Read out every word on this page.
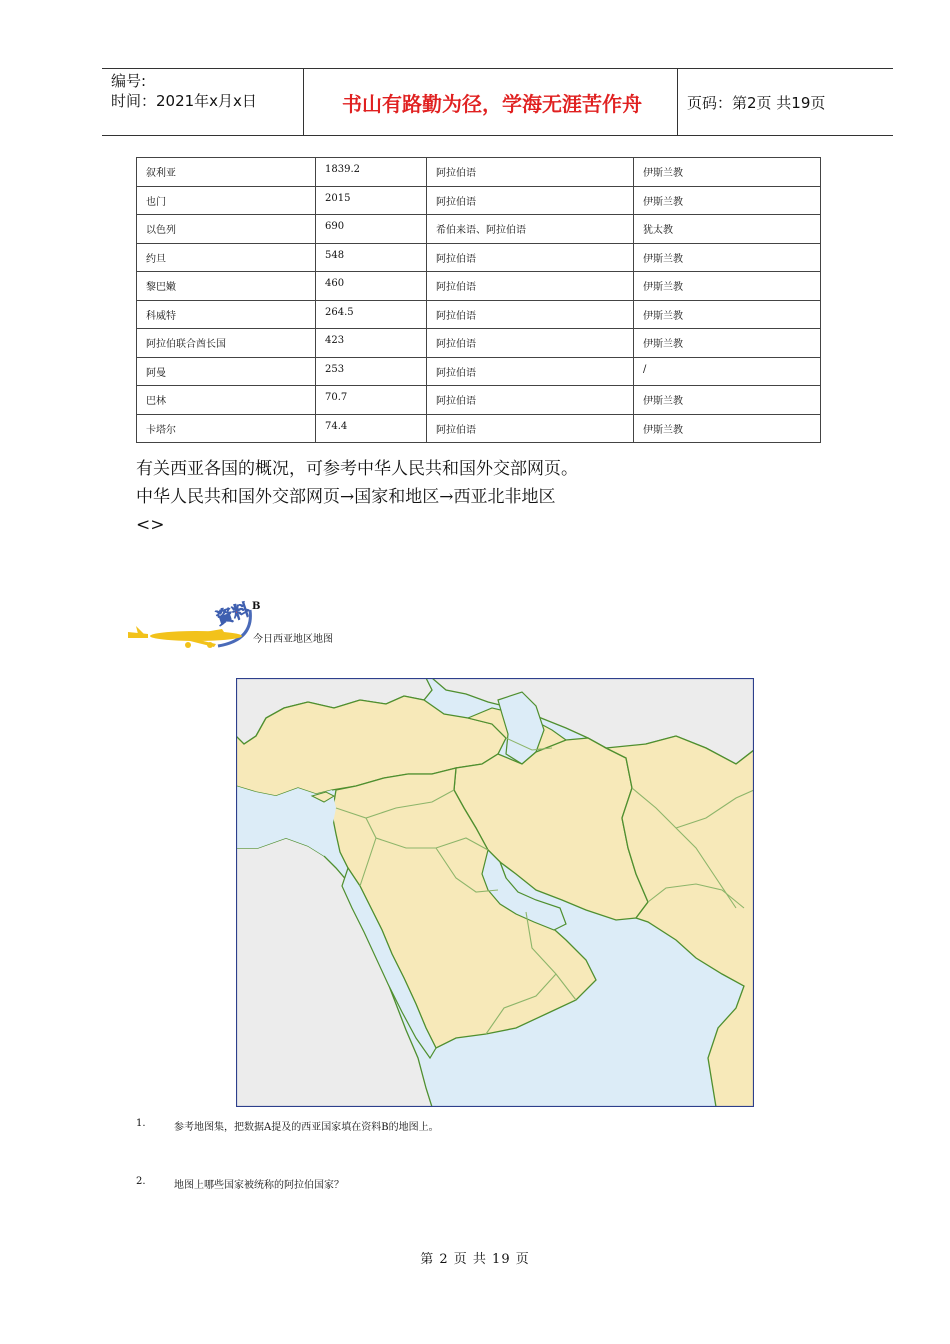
编号:
时间：2021年x月x日	书山有路勤为径，学海无涯苦作舟	页码：第2页 共19页
叙利亚	1839.2	阿拉伯语	伊斯兰教
也门	2015	阿拉伯语	伊斯兰教
以色列	690	希伯来语、阿拉伯语	犹太教
约旦	548	阿拉伯语	伊斯兰教
黎巴嫩	460	阿拉伯语	伊斯兰教
科威特	264.5	阿拉伯语	伊斯兰教
阿拉伯联合酋长国	423	阿拉伯语	伊斯兰教
阿曼	253	阿拉伯语	/
巴林	70.7	阿拉伯语	伊斯兰教
卡塔尔	74.4	阿拉伯语	伊斯兰教
有关西亚各国的概况，可参考中华人民共和国外交部网页。
中华人民共和国外交部网页→国家和地区→西亚北非地区
<>
資料 B
今日西亚地区地图
1.	参考地图集，把数据A提及的西亚国家填在资料B的地图上。
2.	地图上哪些国家被统称的阿拉伯国家？
第 2 页 共 19 页
